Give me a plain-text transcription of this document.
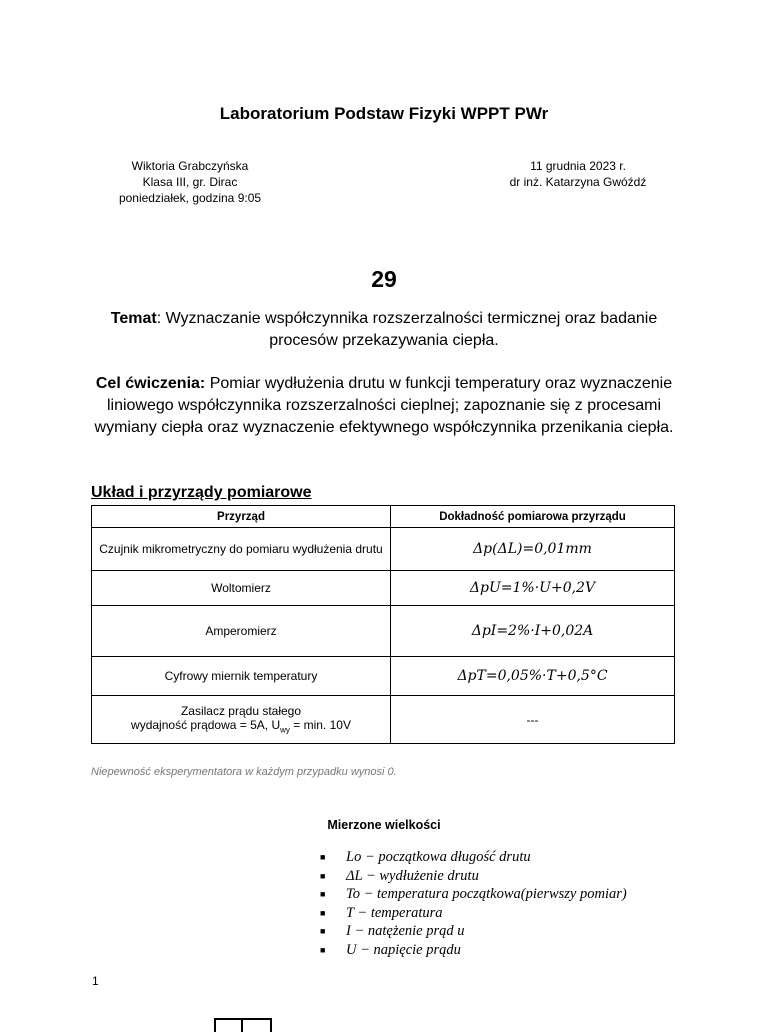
Laboratorium Podstaw Fizyki WPPT PWr
Wiktoria Grabczyńska
Klasa III, gr. Dirac
poniedziałek, godzina 9:05
11 grudnia 2023 r.
dr inż. Katarzyna Gwóźdź
29
Temat: Wyznaczanie współczynnika rozszerzalności termicznej oraz badanie procesów przekazywania ciepła.
Cel ćwiczenia: Pomiar wydłużenia drutu w funkcji temperatury oraz wyznaczenie liniowego współczynnika rozszerzalności cieplnej; zapoznanie się z procesami wymiany ciepła oraz wyznaczenie efektywnego współczynnika przenikania ciepła.
Układ i przyrządy pomiarowe
Przyrząd	Dokładność pomiarowa przyrządu
Czujnik mikrometryczny do pomiaru wydłużenia drutu	Δp(ΔL)=0,01mm
Woltomierz	ΔpU=1%·U+0,2V
Amperomierz	ΔpI=2%·I+0,02A
Cyfrowy miernik temperatury	ΔpT=0,05%·T+0,5°C

Zasilacz prądu stałego
wydajność prądowa = 5A, $U_{wy} = \min$. 10V	---
Niepewność eksperymentatora w każdym przypadku wynosi 0.
Mierzone wielkości
■ Lo − początkowa długość drutu
■ ΔL − wydłużenie drutu
■ To − temperatura początkowa(pierwszy pomiar)
■ T − temperatura
■ I − natężenie prąd u
■ U − napięcie prądu
1
